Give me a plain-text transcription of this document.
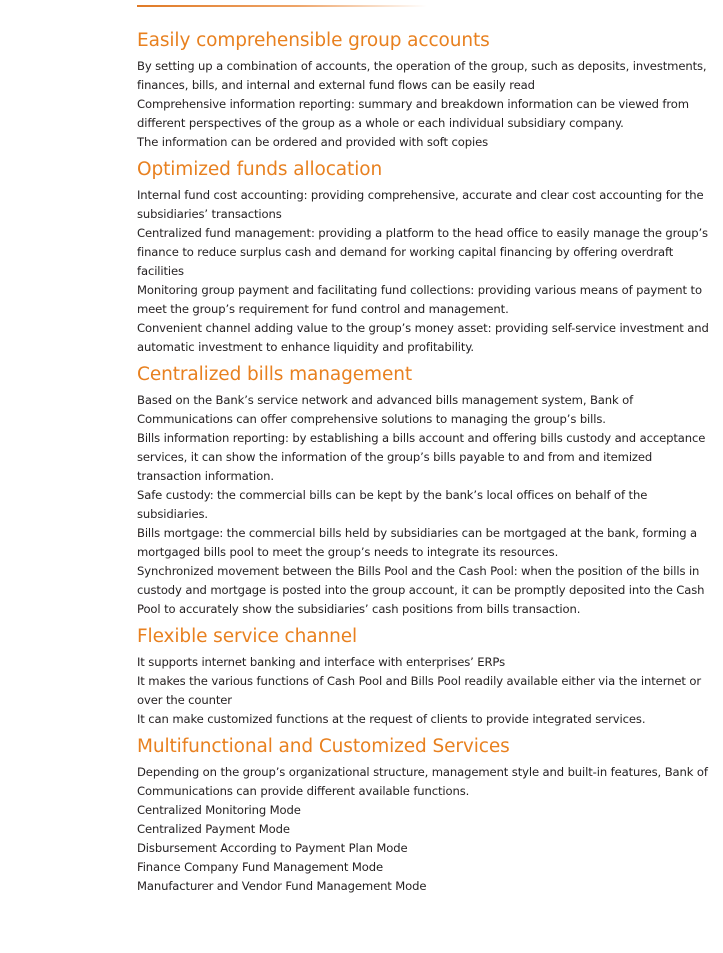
Easily comprehensible group accounts

By setting up a combination of accounts, the operation of the group, such as deposits, investments, finances, bills, and internal and external fund flows can be easily read

Comprehensive information reporting: summary and breakdown information can be viewed from different perspectives of the group as a whole or each individual subsidiary company.

The information can be ordered and provided with soft copies

Optimized funds allocation

Internal fund cost accounting: providing comprehensive, accurate and clear cost accounting for the subsidiaries’ transactions

Centralized fund management: providing a platform to the head office to easily manage the group’s finance to reduce surplus cash and demand for working capital financing by offering overdraft facilities

Monitoring group payment and facilitating fund collections: providing various means of payment to meet the group’s requirement for fund control and management.

Convenient channel adding value to the group’s money asset: providing self-service investment and automatic investment to enhance liquidity and profitability.

Centralized bills management

Based on the Bank’s service network and advanced bills management system, Bank of Communications can offer comprehensive solutions to managing the group’s bills.

Bills information reporting: by establishing a bills account and offering bills custody and acceptance services, it can show the information of the group’s bills payable to and from and itemized transaction information.

Safe custody: the commercial bills can be kept by the bank’s local offices on behalf of the subsidiaries.

Bills mortgage: the commercial bills held by subsidiaries can be mortgaged at the bank, forming a mortgaged bills pool to meet the group’s needs to integrate its resources.

Synchronized movement between the Bills Pool and the Cash Pool: when the position of the bills in custody and mortgage is posted into the group account, it can be promptly deposited into the Cash Pool to accurately show the subsidiaries’ cash positions from bills transaction.

Flexible service channel

It supports internet banking and interface with enterprises’ ERPs

It makes the various functions of Cash Pool and Bills Pool readily available either via the internet or over the counter

It can make customized functions at the request of clients to provide integrated services.

Multifunctional and Customized Services

Depending on the group’s organizational structure, management style and built-in features, Bank of Communications can provide different available functions.

Centralized Monitoring Mode

Centralized Payment Mode

Disbursement According to Payment Plan Mode

Finance Company Fund Management Mode

Manufacturer and Vendor Fund Management Mode
